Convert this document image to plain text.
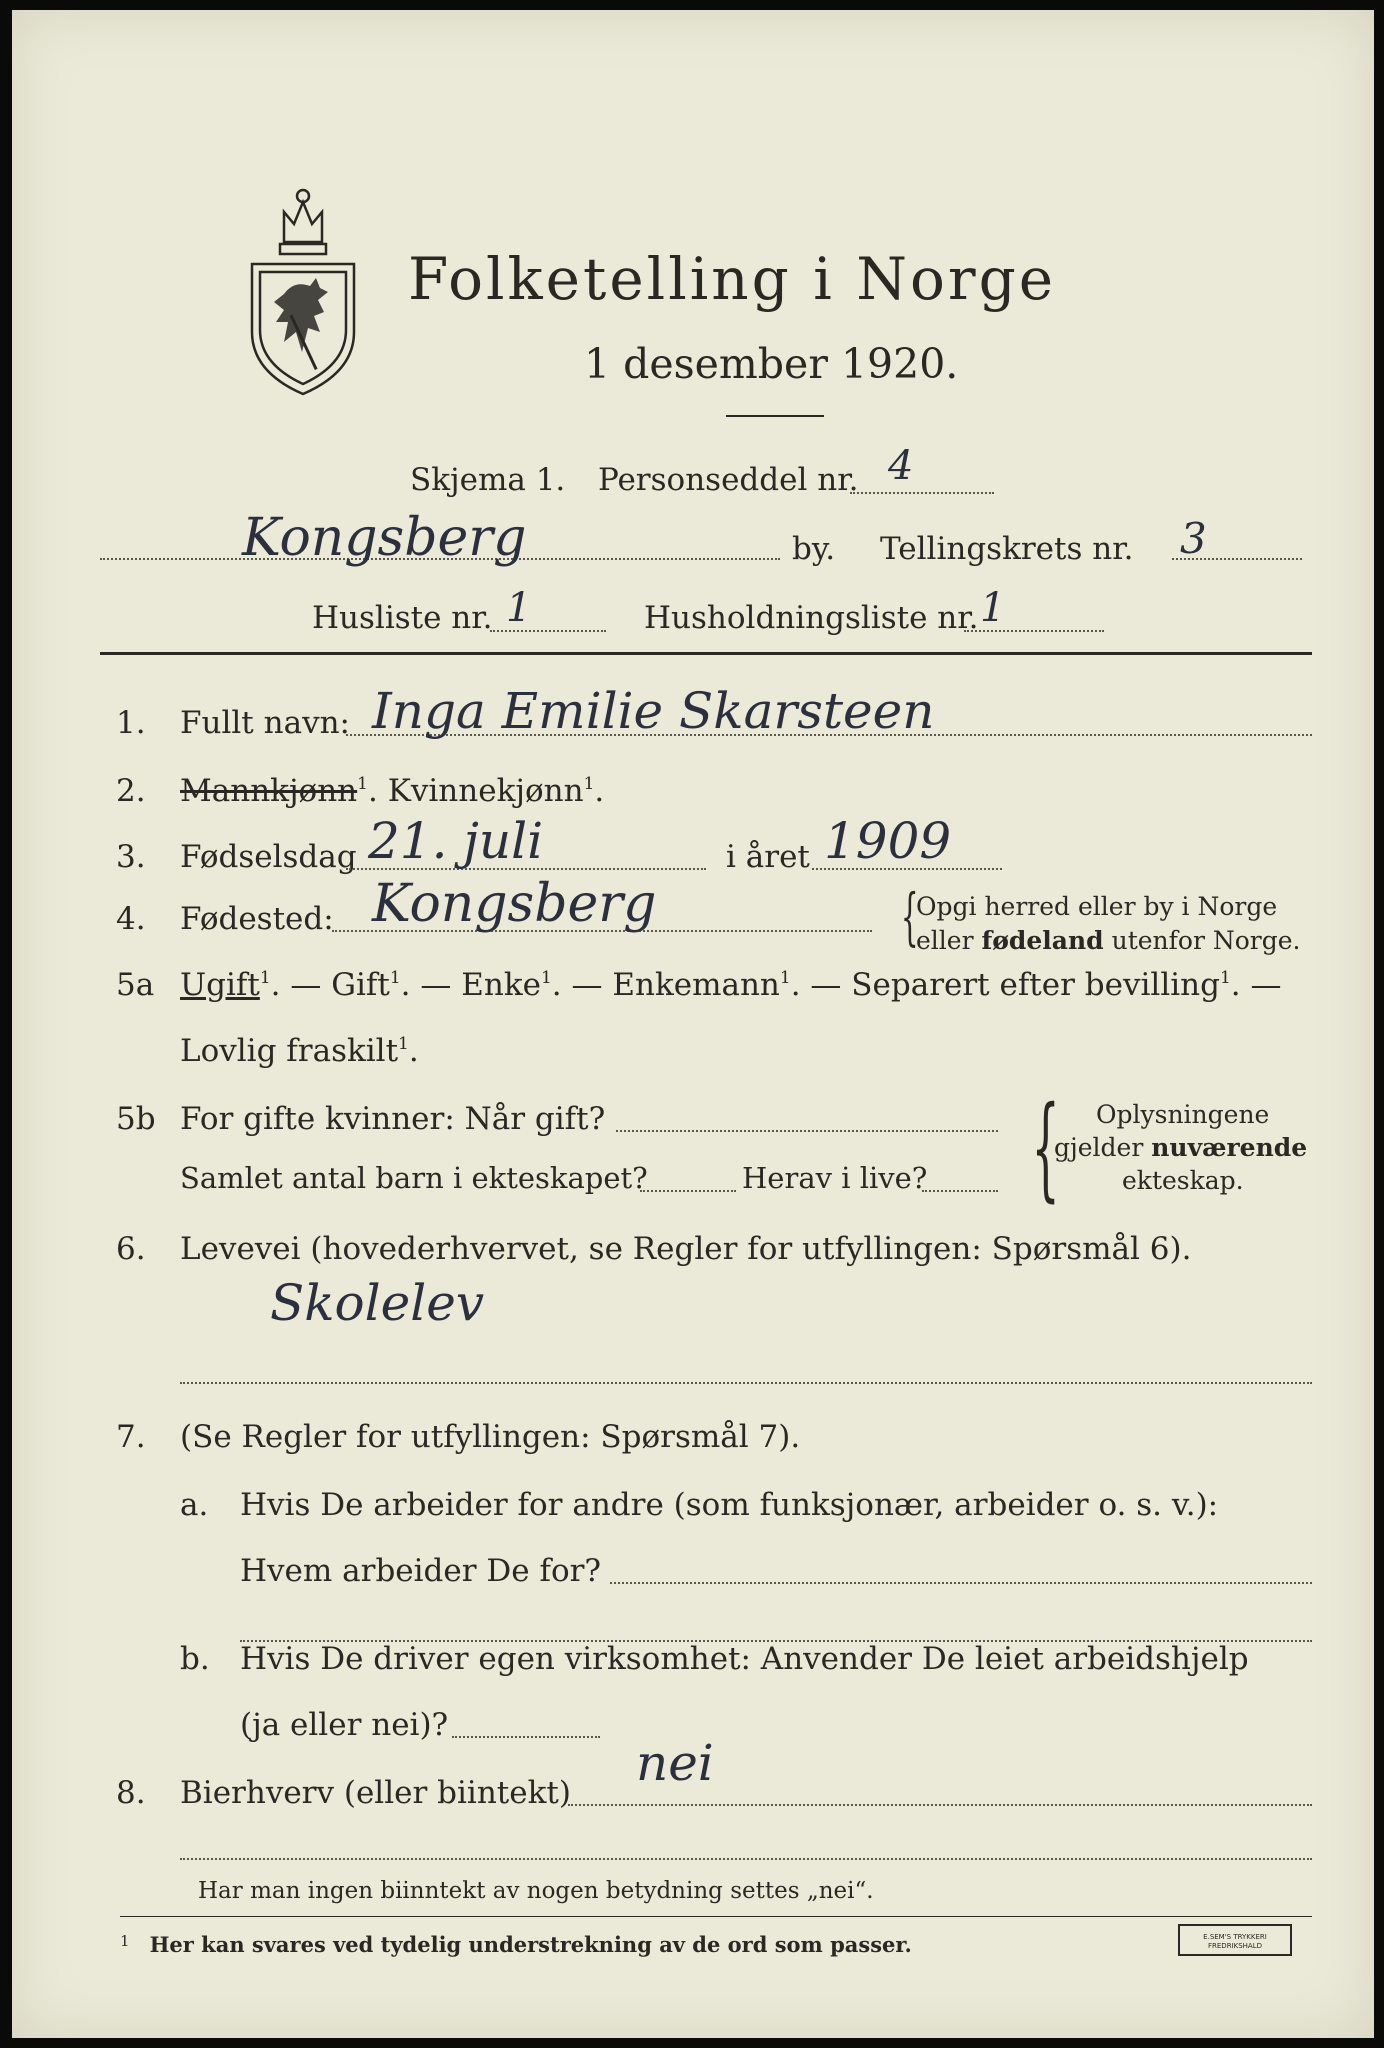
Folketelling i Norge
1 desember 1920.
Skjema 1. Personseddel nr. 4
Kongsberg	by. Tellingskrets nr. 3
Husliste nr. 1	Husholdningsliste nr. 1
1. Fullt navn: Inga Emilie Skarsteen
2. Mannkjønn$^1$. Kvinnekjønn$^1$.
3. Fødselsdag 21. juli	i året 1909
4. Fødested: Kongsberg	{
Opgi herred eller by i Norge
eller fødeland utenfor Norge.
5a Ugift$^1$. — Gift$^1$. — Enke$^1$. — Enkemann$^1$. — Separert efter bevilling$^1$. —
Lovlig fraskilt$^1$.
5b For gifte kvinner: Når gift?
Samlet antal barn i ekteskapet?	Herav i live? { Oplysningene
gjelder nuværende
ekteskap.
6. Levevei (hovederhvervet, se Regler for utfyllingen: Spørsmål 6).
Skolelev
7. (Se Regler for utfyllingen: Spørsmål 7).
a. Hvis De arbeider for andre (som funksjonær, arbeider o. s. v.):
Hvem arbeider De for?
b. Hvis De driver egen virksomhet: Anvender De leiet arbeidshjelp
(ja eller nei)?
8. Bierhverv (eller biintekt)
nei
Har man ingen biinntekt av nogen betydning settes „nei“.
$^1$ Her kan svares ved tydelig understrekning av de ord som passer.	E.SEM'S TRYKKERI
FREDRIKSHALD
